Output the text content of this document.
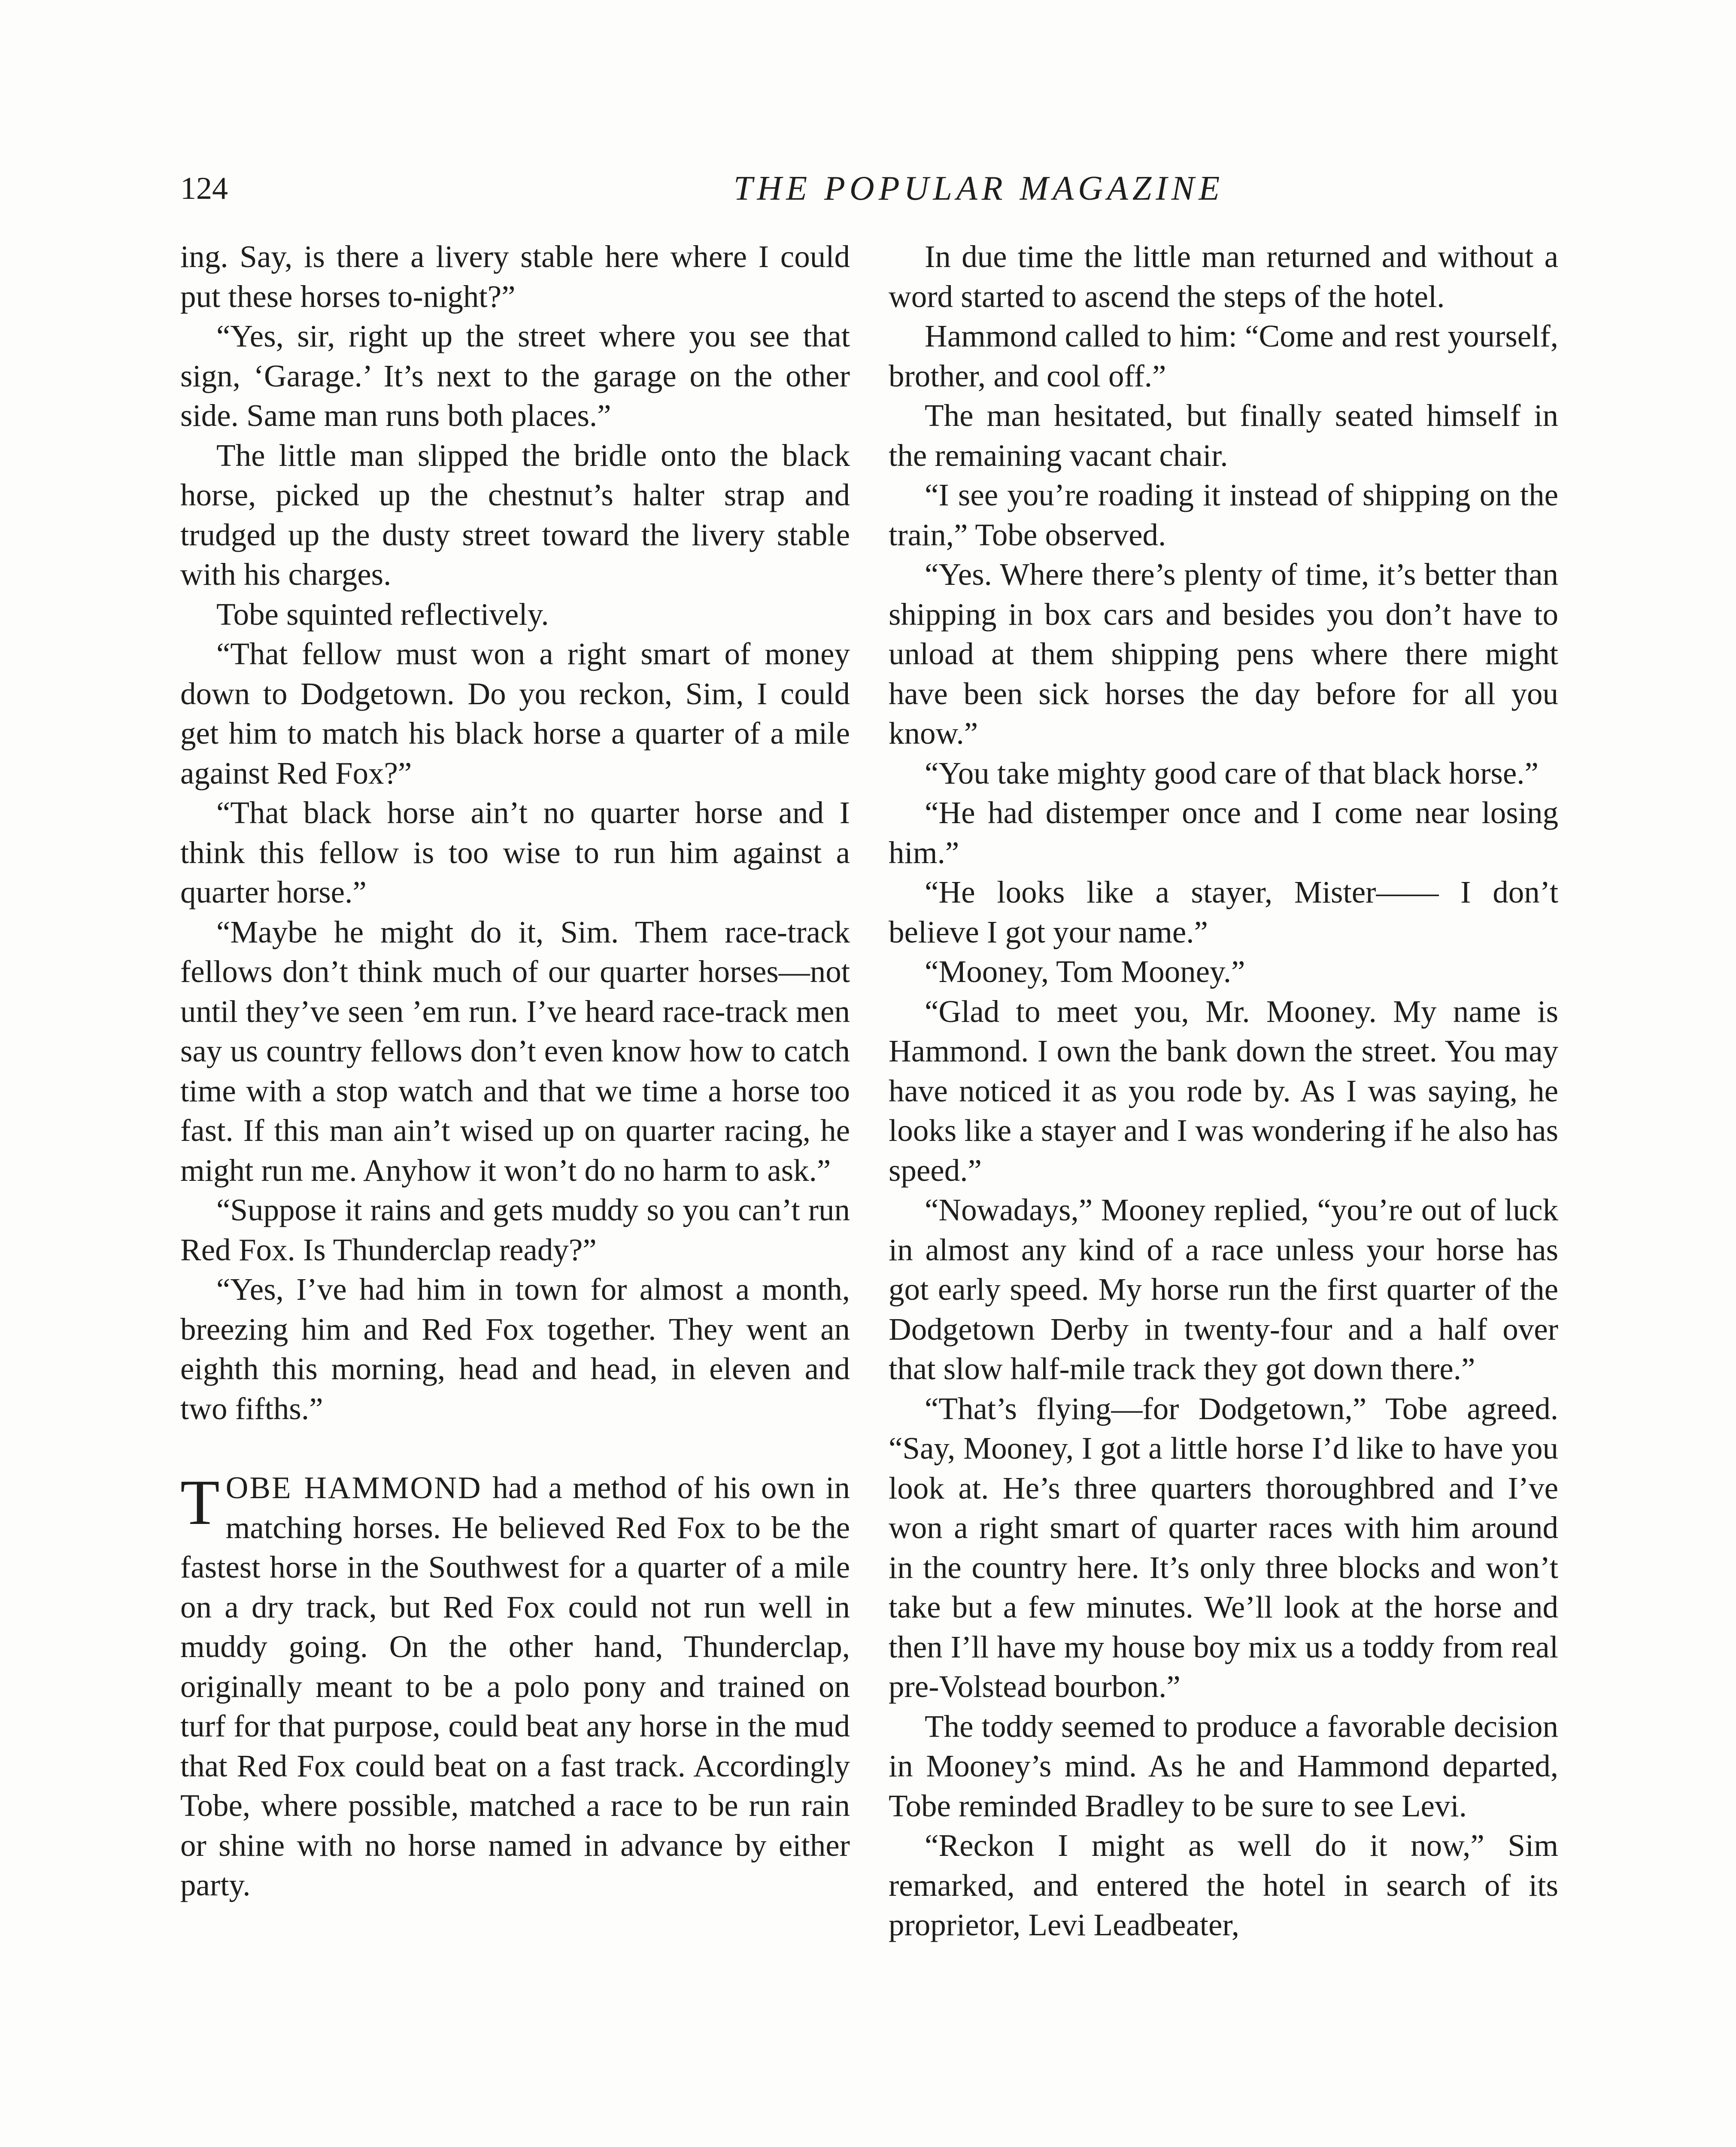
124	THE POPULAR MAGAZINE

ing. Say, is there a livery stable here where I could put these horses to-night?”

“Yes, sir, right up the street where you see that sign, ‘Garage.’ It’s next to the garage on the other side. Same man runs both places.”

The little man slipped the bridle onto the black horse, picked up the chestnut’s halter strap and trudged up the dusty street toward the livery stable with his charges.

Tobe squinted reflectively.

“That fellow must won a right smart of money down to Dodgetown. Do you reckon, Sim, I could get him to match his black horse a quarter of a mile against Red Fox?”

“That black horse ain’t no quarter horse and I think this fellow is too wise to run him against a quarter horse.”

“Maybe he might do it, Sim. Them race-track fellows don’t think much of our quarter horses—not until they’ve seen ’em run. I’ve heard race-track men say us country fellows don’t even know how to catch time with a stop watch and that we time a horse too fast. If this man ain’t wised up on quarter racing, he might run me. Anyhow it won’t do no harm to ask.”

“Suppose it rains and gets muddy so you can’t run Red Fox. Is Thunderclap ready?”

“Yes, I’ve had him in town for almost a month, breezing him and Red Fox together. They went an eighth this morning, head and head, in eleven and two fifths.”

TOBE HAMMOND had a method of his own in matching horses. He believed Red Fox to be the fastest horse in the Southwest for a quarter of a mile on a dry track, but Red Fox could not run well in muddy going. On the other hand, Thunderclap, originally meant to be a polo pony and trained on turf for that purpose, could beat any horse in the mud that Red Fox could beat on a fast track. Accordingly Tobe, where possible, matched a race to be run rain or shine with no horse named in advance by either party.

In due time the little man returned and without a word started to ascend the steps of the hotel.

Hammond called to him: “Come and rest yourself, brother, and cool off.”

The man hesitated, but finally seated himself in the remaining vacant chair.

“I see you’re roading it instead of shipping on the train,” Tobe observed.

“Yes. Where there’s plenty of time, it’s better than shipping in box cars and besides you don’t have to unload at them shipping pens where there might have been sick horses the day before for all you know.”

“You take mighty good care of that black horse.”

“He had distemper once and I come near losing him.”

“He looks like a stayer, Mister—— I don’t believe I got your name.”

“Mooney, Tom Mooney.”

“Glad to meet you, Mr. Mooney. My name is Hammond. I own the bank down the street. You may have noticed it as you rode by. As I was saying, he looks like a stayer and I was wondering if he also has speed.”

“Nowadays,” Mooney replied, “you’re out of luck in almost any kind of a race unless your horse has got early speed. My horse run the first quarter of the Dodgetown Derby in twenty-four and a half over that slow half-mile track they got down there.”

“That’s flying—for Dodgetown,” Tobe agreed. “Say, Mooney, I got a little horse I’d like to have you look at. He’s three quarters thoroughbred and I’ve won a right smart of quarter races with him around in the country here. It’s only three blocks and won’t take but a few minutes. We’ll look at the horse and then I’ll have my house boy mix us a toddy from real pre-Volstead bourbon.”

The toddy seemed to produce a favorable decision in Mooney’s mind. As he and Hammond departed, Tobe reminded Bradley to be sure to see Levi.

“Reckon I might as well do it now,” Sim remarked, and entered the hotel in search of its proprietor, Levi Leadbeater,
